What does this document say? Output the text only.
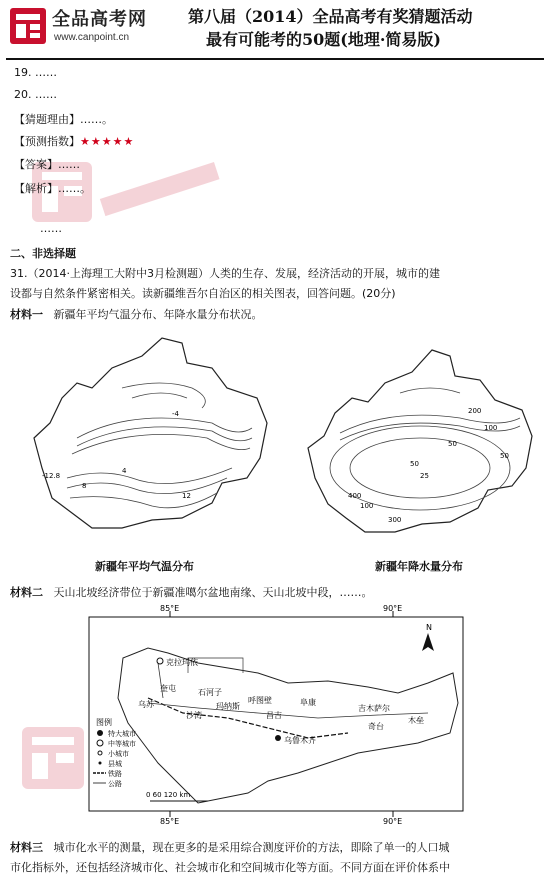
全品高考网
www.canpoint.cn
第八届（2014）全品高考有奖猜题活动
最有可能考的50题(地理·简易版)
19. ……
20. ……
【猜题理由】……。
【预测指数】★★★★★
【答案】……
【解析】……。
……
二、非选择题
31.（2014·上海理工大附中3月检测题）人类的生存、发展，经济活动的开展，城市的建
设都与自然条件紧密相关。读新疆维吾尔自治区的相关图表，回答问题。(20分)
材料一 新疆年平均气温分布、年降水量分布状况。
-12.8
-4
4
8
12
200
100
50
400
50
25
300
100
50
新疆年平均气温分布	新疆年降水量分布
材料二 天山北坡经济带位于新疆准噶尔盆地南缘、天山北坡中段，……。
85°E	90°E
85°E	90°E
N
克拉玛依
奎屯
乌苏
石河子
沙湾
玛纳斯
呼图壁
昌吉
乌鲁木齐
阜康
吉木萨尔
奇台
木垒
图例
特大城市
中等城市
小城市
县城
铁路
公路
0 60 120 km
材料三 城市化水平的测量，现在更多的是采用综合测度评价的方法，即除了单一的人口城
市化指标外，还包括经济城市化、社会城市化和空间城市化等方面。不同方面在评价体系中
